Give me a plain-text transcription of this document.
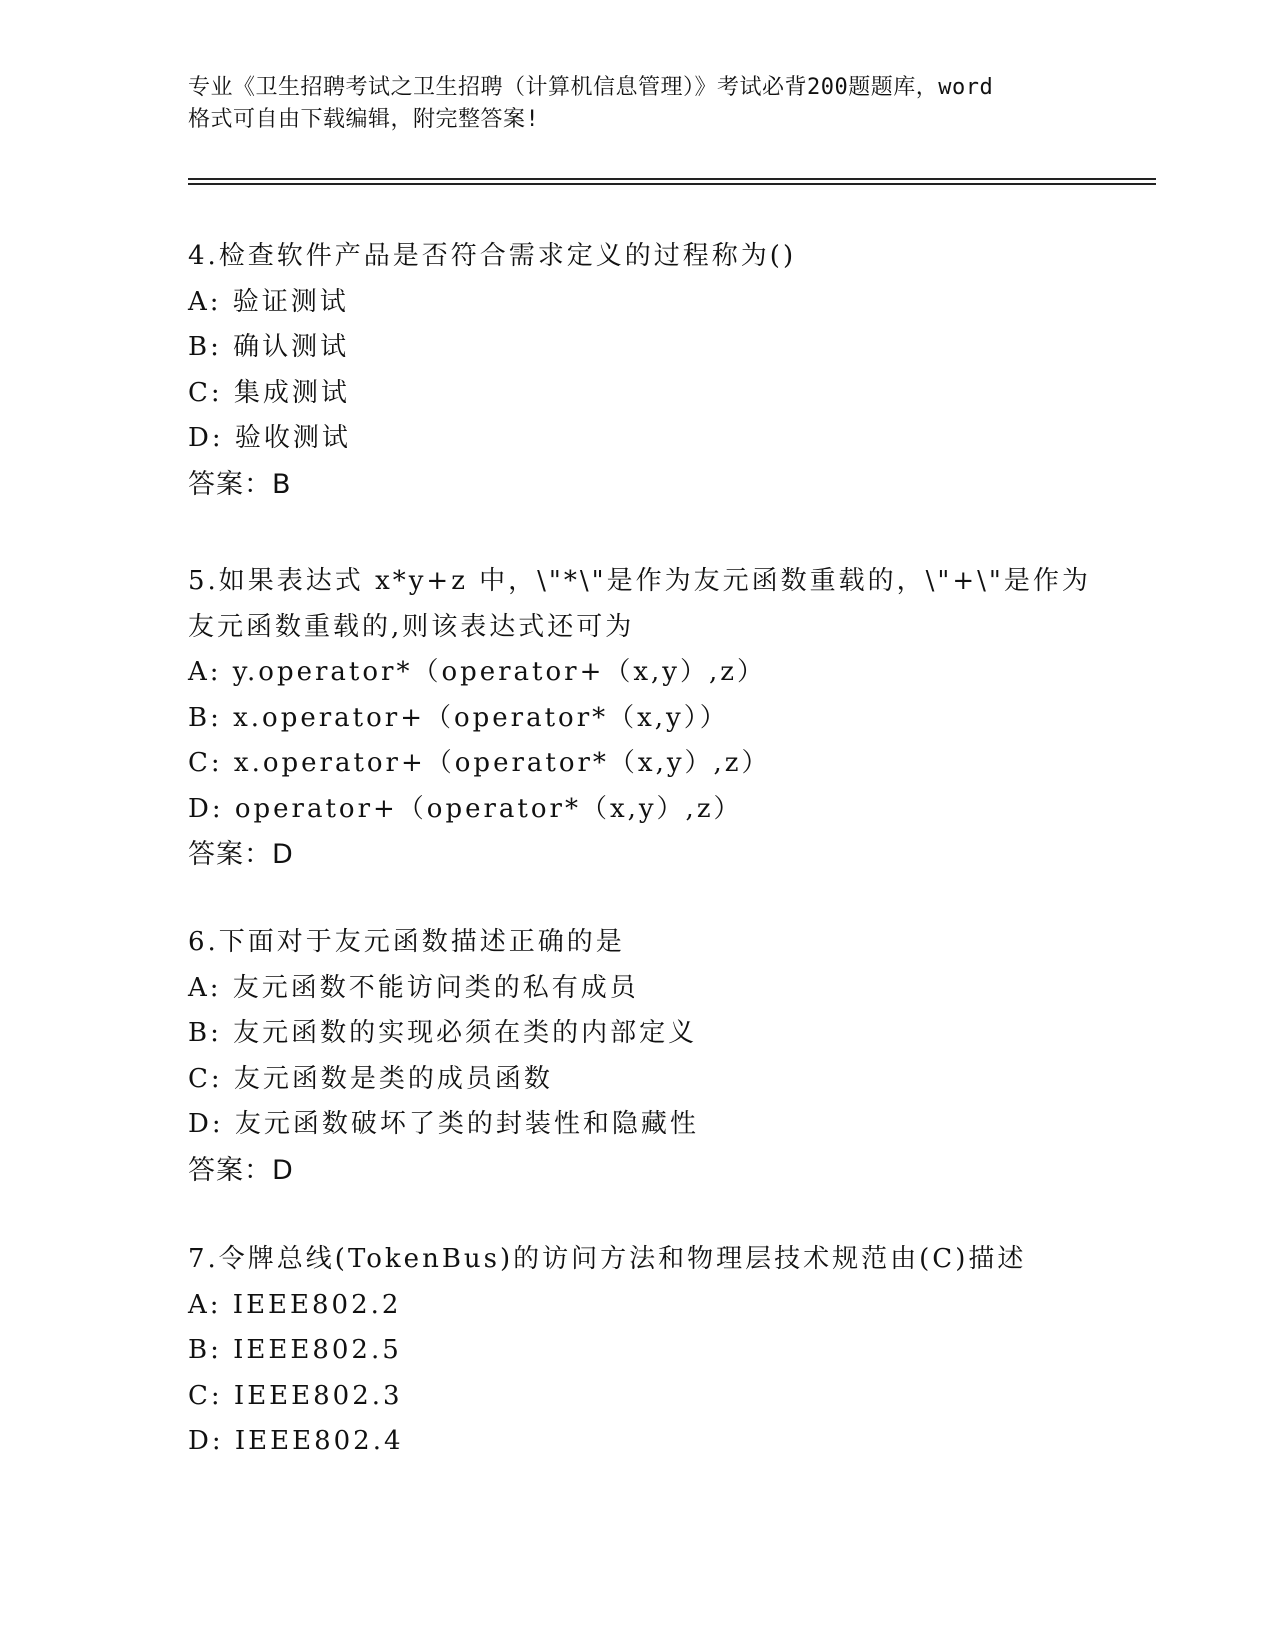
专业《卫生招聘考试之卫生招聘（计算机信息管理）》考试必背200题题库，word

格式可自由下载编辑，附完整答案!

4.检查软件产品是否符合需求定义的过程称为()
A: 验证测试
B: 确认测试
C: 集成测试
D: 验收测试
答案：B
5.如果表达式 x*y+z 中，\"*\"是作为友元函数重载的，\"+\"是作为
友元函数重载的,则该表达式还可为
A: y.operator*（operator+（x,y）,z）
B: x.operator+（operator*（x,y））
C: x.operator+（operator*（x,y）,z）
D: operator+（operator*（x,y）,z）
答案：D
6.下面对于友元函数描述正确的是
A: 友元函数不能访问类的私有成员
B: 友元函数的实现必须在类的内部定义
C: 友元函数是类的成员函数
D: 友元函数破坏了类的封装性和隐藏性
答案：D
7.令牌总线(TokenBus)的访问方法和物理层技术规范由(C)描述
A: IEEE802.2
B: IEEE802.5
C: IEEE802.3
D: IEEE802.4
